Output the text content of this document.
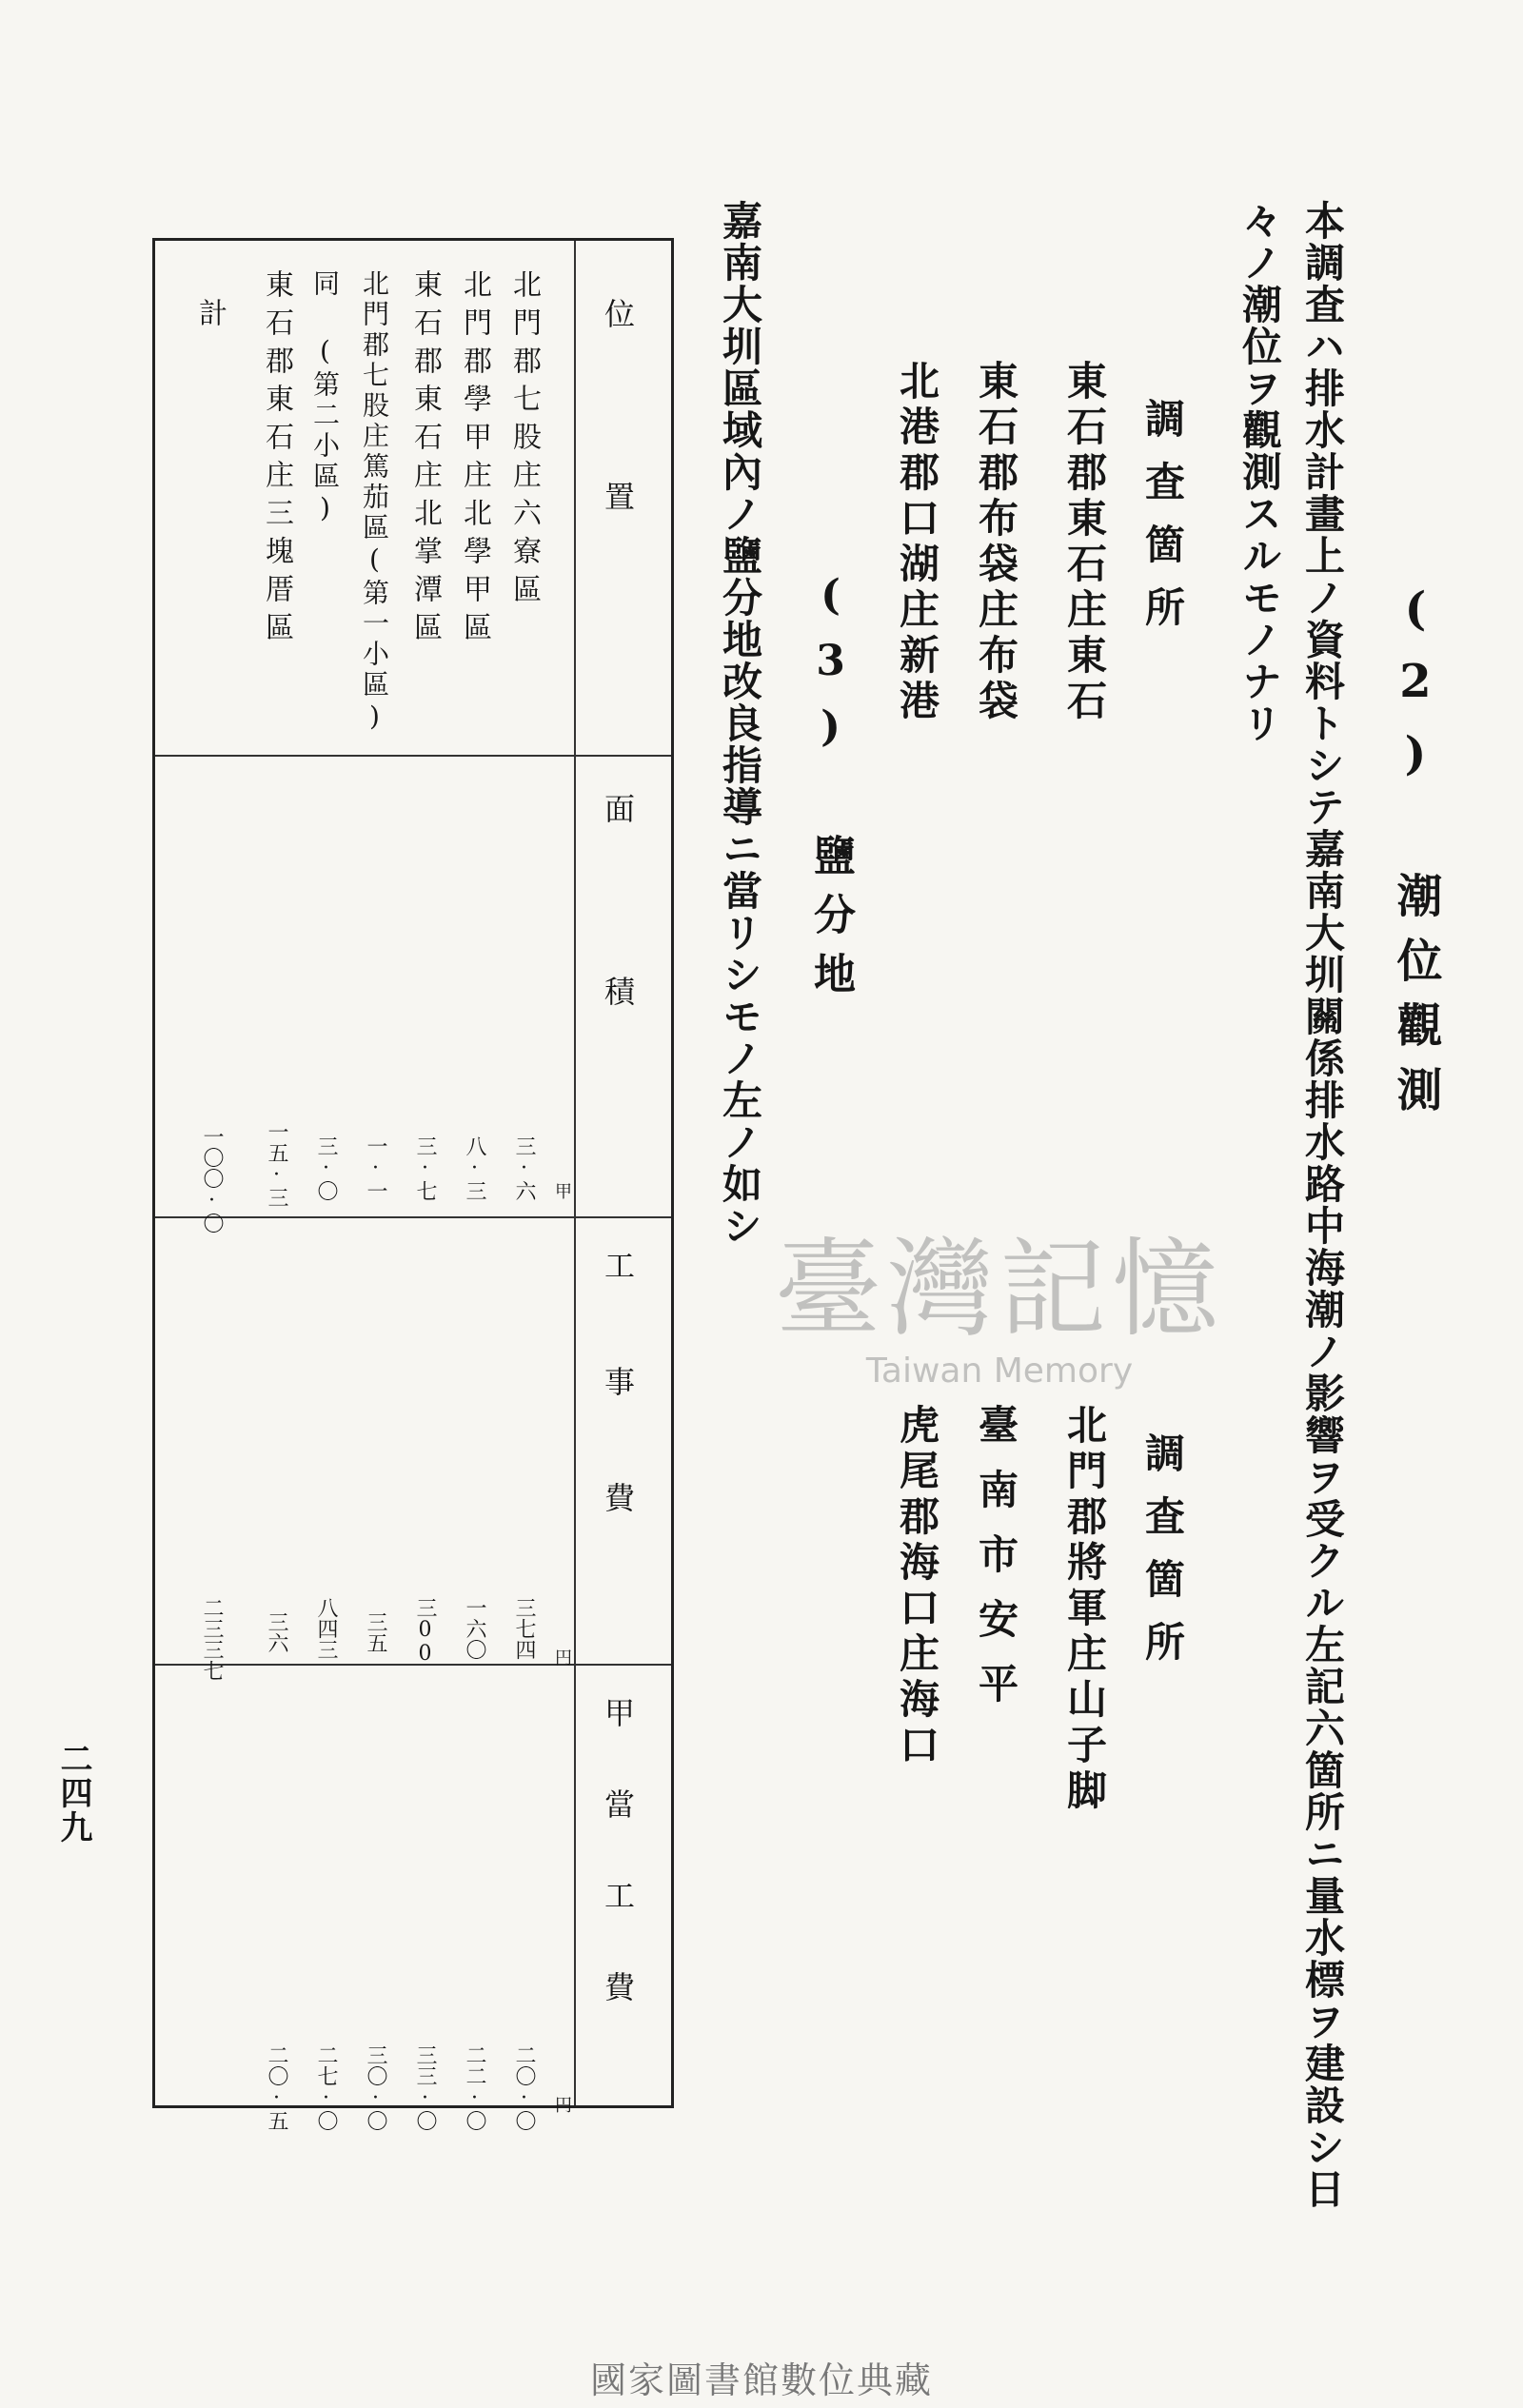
(2) 潮位觀測
本調査ハ排水計畫上ノ資料トシテ嘉南大圳關係排水路中海潮ノ影響ヲ受クル左記六箇所ニ量水標ヲ建設シ日
々ノ潮位ヲ觀測スルモノナリ
調査箇所
東石郡東石庄東石
東石郡布袋庄布袋
北港郡口湖庄新港
調査箇所
北門郡將軍庄山子脚
臺南市安平
虎尾郡海口庄海口
(3) 鹽分地
嘉南大圳區域內ノ鹽分地改良指導ニ當リシモノ左ノ如シ
位置
面積
工事費
甲當工費
甲
円
円
北門郡七股庄六寮區
北門郡學甲庄北學甲區
東石郡東石庄北掌潭區
北門郡七股庄篤茄區(第一小區)
同 (第二小區)
東石郡東石庄三塊厝區
計
三·六
八·三
三·七
一·一
三·〇
一五·三
一〇〇·〇
三七四
一六〇
三00
三五
八四三
三六
二三三七
二〇·〇
二二·〇
三三·〇
三〇·〇
二七·〇
二〇·五
二四九
臺灣記憶
Taiwan Memory
國家圖書館數位典藏
